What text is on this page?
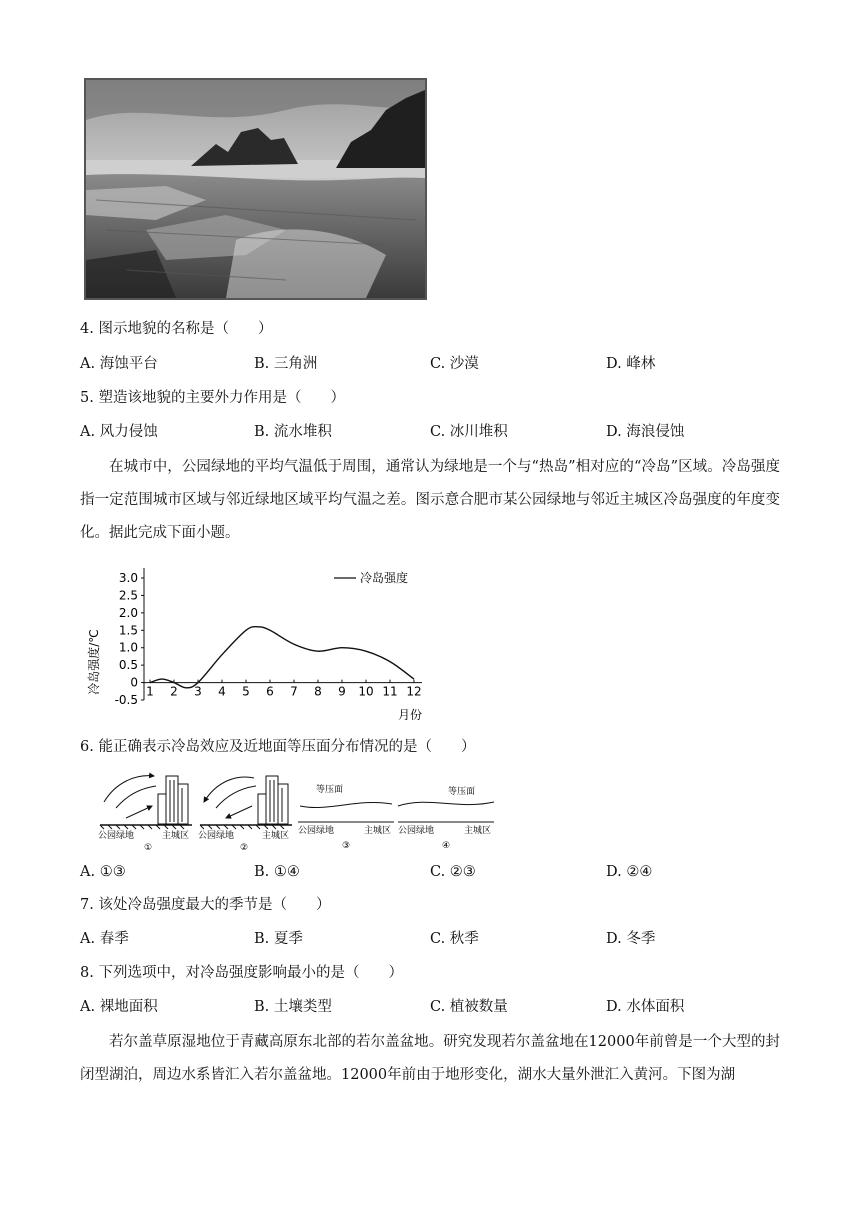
4. 图示地貌的名称是（　　）
A. 海蚀平台	B. 三角洲	C. 沙漠	D. 峰林
5. 塑造该地貌的主要外力作用是（　　）
A. 风力侵蚀	B. 流水堆积	C. 冰川堆积	D. 海浪侵蚀

在城市中，公园绿地的平均气温低于周围，通常认为绿地是一个与“热岛”相对应的“冷岛”区域。冷岛强度指一定范围城市区域与邻近绿地区域平均气温之差。图示意合肥市某公园绿地与邻近主城区冷岛强度的年度变化。据此完成下面小题。

冷岛强度/℃
3.0
2.5
2.0
1.5
1.0
0.5
0
-0.5
1 2 3 4 5 6 7 8 9 10 11 12
冷岛强度
月份
6. 能正确表示冷岛效应及近地面等压面分布情况的是（　　）
公园绿地	主城区
①
公园绿地	主城区
②
等压面
公园绿地	主城区
③
等压面
公园绿地	主城区
④
A. ①③	B. ①④	C. ②③	D. ②④
7. 该处冷岛强度最大的季节是（　　）
A. 春季	B. 夏季	C. 秋季	D. 冬季
8. 下列选项中，对冷岛强度影响最小的是（　　）
A. 裸地面积	B. 土壤类型	C. 植被数量	D. 水体面积

若尔盖草原湿地位于青藏高原东北部的若尔盖盆地。研究发现若尔盖盆地在12000年前曾是一个大型的封闭型湖泊，周边水系皆汇入若尔盖盆地。12000年前由于地形变化，湖水大量外泄汇入黄河。下图为湖
